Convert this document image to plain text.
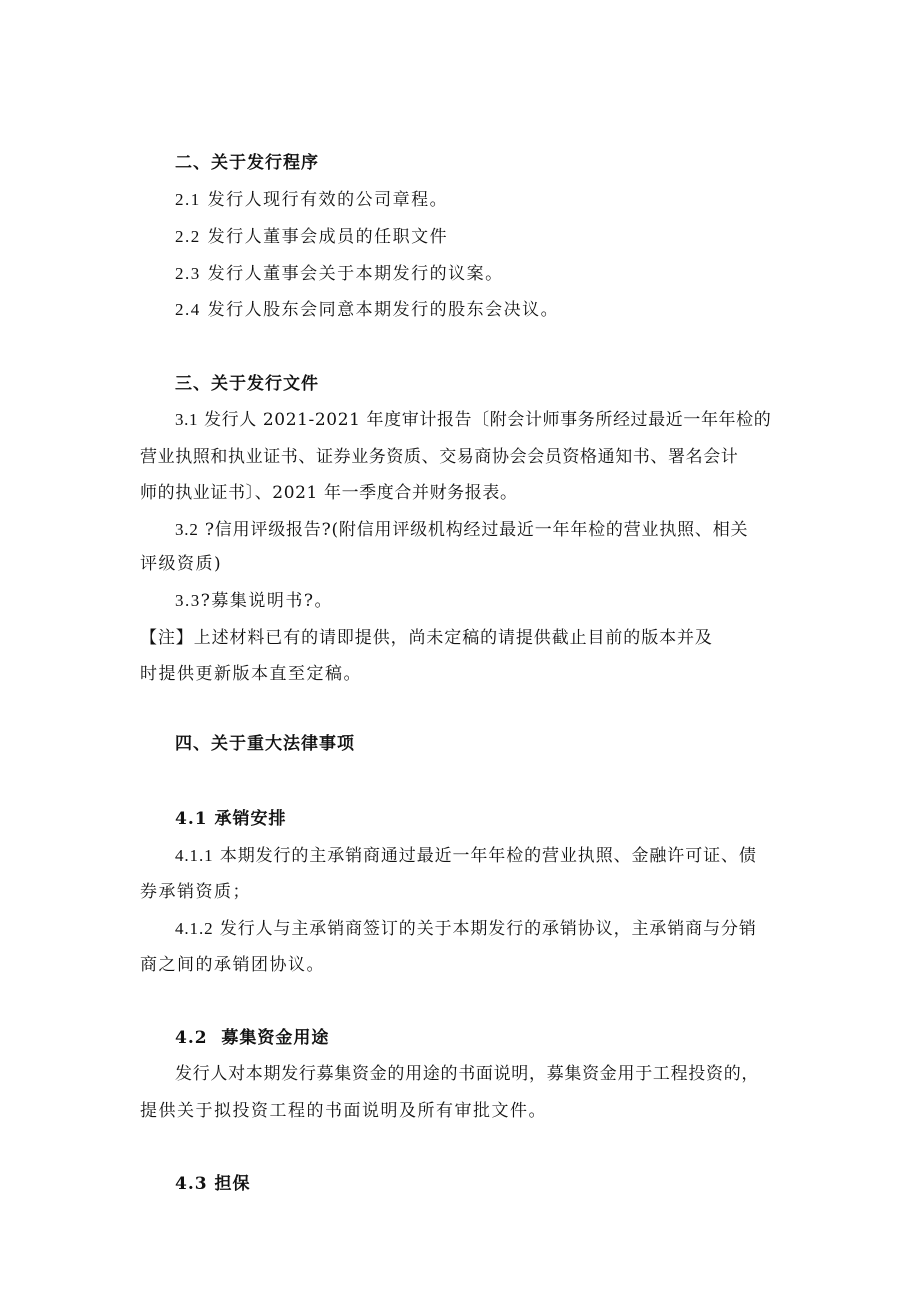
二、关于发行程序

2.1 发行人现行有效的公司章程。

2.2 发行人董事会成员的任职文件

2.3 发行人董事会关于本期发行的议案。

2.4 发行人股东会同意本期发行的股东会决议。

三、关于发行文件

3.1 发行人 2021-2021 年度审计报告〔附会计师事务所经过最近一年年检的

营业执照和执业证书、证券业务资质、交易商协会会员资格通知书、署名会计

师的执业证书〕、2021 年一季度合并财务报表。

3.2 ?信用评级报告?(附信用评级机构经过最近一年年检的营业执照、相关

评级资质)

3.3?募集说明书?。

【注】上述材料已有的请即提供，尚未定稿的请提供截止目前的版本并及

时提供更新版本直至定稿。

四、关于重大法律事项

4.1 承销安排

4.1.1 本期发行的主承销商通过最近一年年检的营业执照、金融许可证、债

券承销资质；

4.1.2 发行人与主承销商签订的关于本期发行的承销协议，主承销商与分销

商之间的承销团协议。

4.2  募集资金用途

发行人对本期发行募集资金的用途的书面说明，募集资金用于工程投资的，

提供关于拟投资工程的书面说明及所有审批文件。

4.3 担保
